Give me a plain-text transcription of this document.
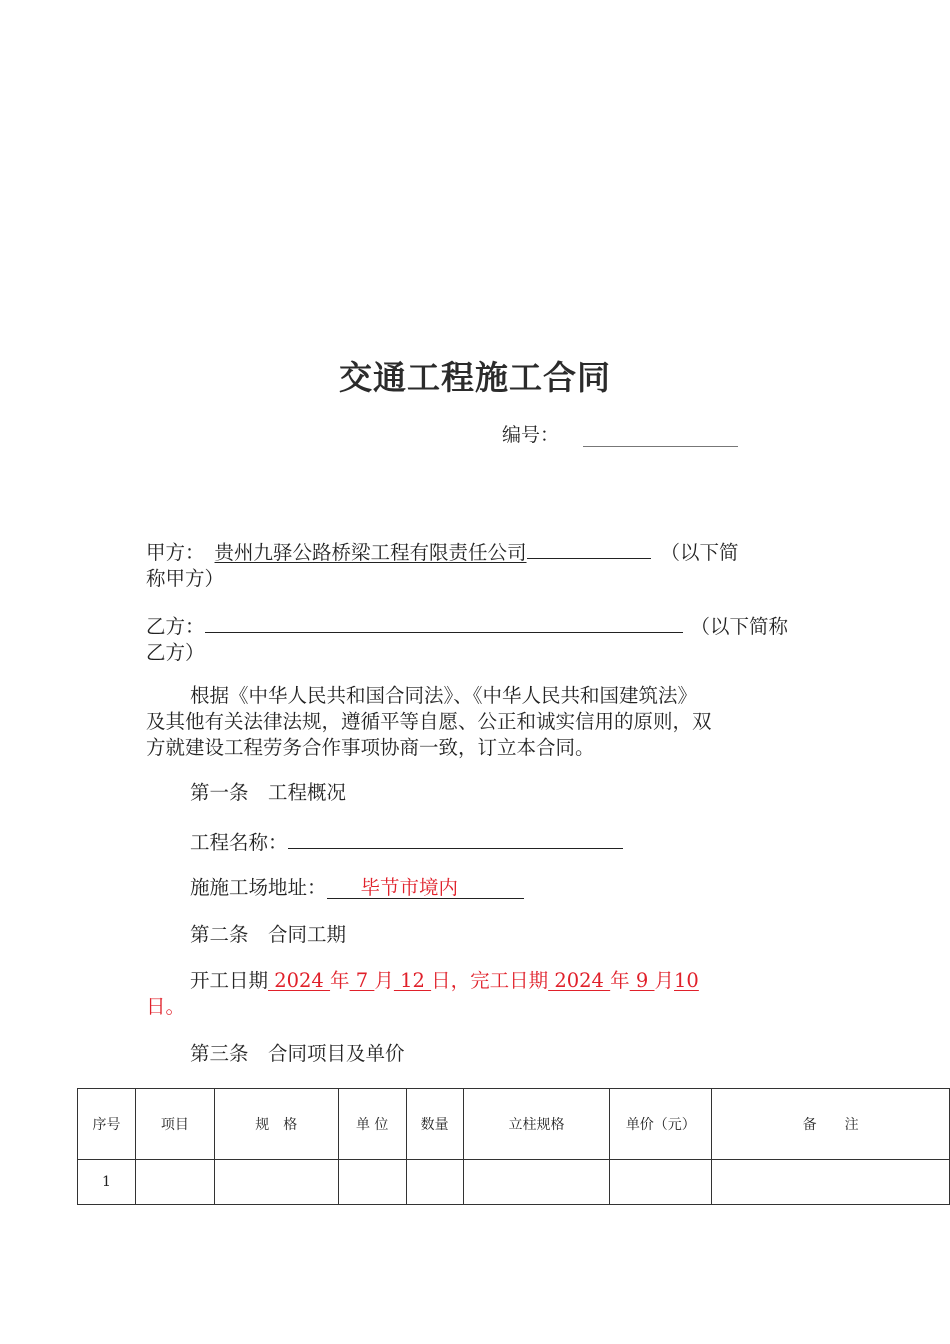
交通工程施工合同
编号：
甲方： 贵州九驿公路桥梁工程有限责任公司	（以下简
称甲方）
乙方：	（以下简称
乙方）
根据《中华人民共和国合同法》、《中华人民共和国建筑法》
及其他有关法律法规，遵循平等自愿、公正和诚实信用的原则，双
方就建设工程劳务合作事项协商一致，订立本合同。
第一条　工程概况
工程名称：
施施工场地址： 毕节市境内
第二条　合同工期
开工日期 2024 年 7 月 12 日，完工日期 2024 年 9 月10
日。
第三条　合同项目及单价
序号	项目	规　格	单 位	数量	立柱规格	单价（元）	备　　注
1							
